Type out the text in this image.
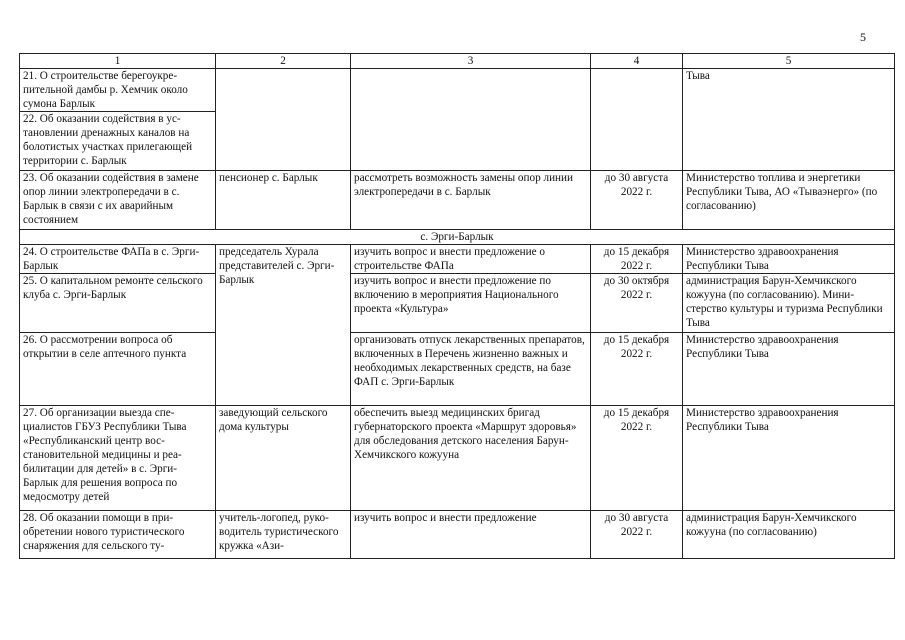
5
1	2	3	4	5
21. О строительстве берегоукрепительной дамбы р. Хемчик около сумона Барлык				Тыва
22. Об оказании содействия в установлении дренажных каналов на болотистых участках прилегающей территории с. Барлык				
23. Об оказании содействия в замене опор линии электропередачи в с. Барлык в связи с их аварийным состоянием	пенсионер с. Барлык	рассмотреть возможность замены опор линии электропередачи в с. Барлык	до 30 августа 2022 г.	Министерство топлива и энергетики Республики Тыва, АО «Тываэнерго» (по согласованию)
с. Эрги-Барлык				
24. О строительстве ФАПа в с. Эрги-Барлык	председатель Хурала представителей с. Эрги-Барлык	изучить вопрос и внести предложение о строительстве ФАПа	до 15 декабря 2022 г.	Министерство здравоохранения Республики Тыва
25. О капитальном ремонте сельского клуба с. Эрги-Барлык		изучить вопрос и внести предложение по включению в мероприятия Национального проекта «Культура»	до 30 октября 2022 г.	администрация Барун-Хемчикского кожууна (по согласованию). Министерство культуры и туризма Республики Тыва
26. О рассмотрении вопроса об открытии в селе аптечного пункта		организовать отпуск лекарственных препаратов, включенных в Перечень жизненно важных и необходимых лекарственных средств, на базе ФАП с. Эрги-Барлык	до 15 декабря 2022 г.	Министерство здравоохранения Республики Тыва
27. Об организации выезда специалистов ГБУЗ Республики Тыва «Республиканский центр восстановительной медицины и реабилитации для детей» в с. Эрги-Барлык для решения вопроса по медосмотру детей	заведующий сельского дома культуры	обеспечить выезд медицинских бригад губернаторского проекта «Маршрут здоровья» для обследования детского населения Барун-Хемчикского кожууна	до 15 декабря 2022 г.	Министерство здравоохранения Республики Тыва
28. Об оказании помощи в приобретении нового туристического снаряжения для сельского ту-	учитель-логопед, руководитель туристического кружка «Ази-	изучить вопрос и внести предложение	до 30 августа 2022 г.	администрация Барун-Хемчикского кожууна (по согласованию)
